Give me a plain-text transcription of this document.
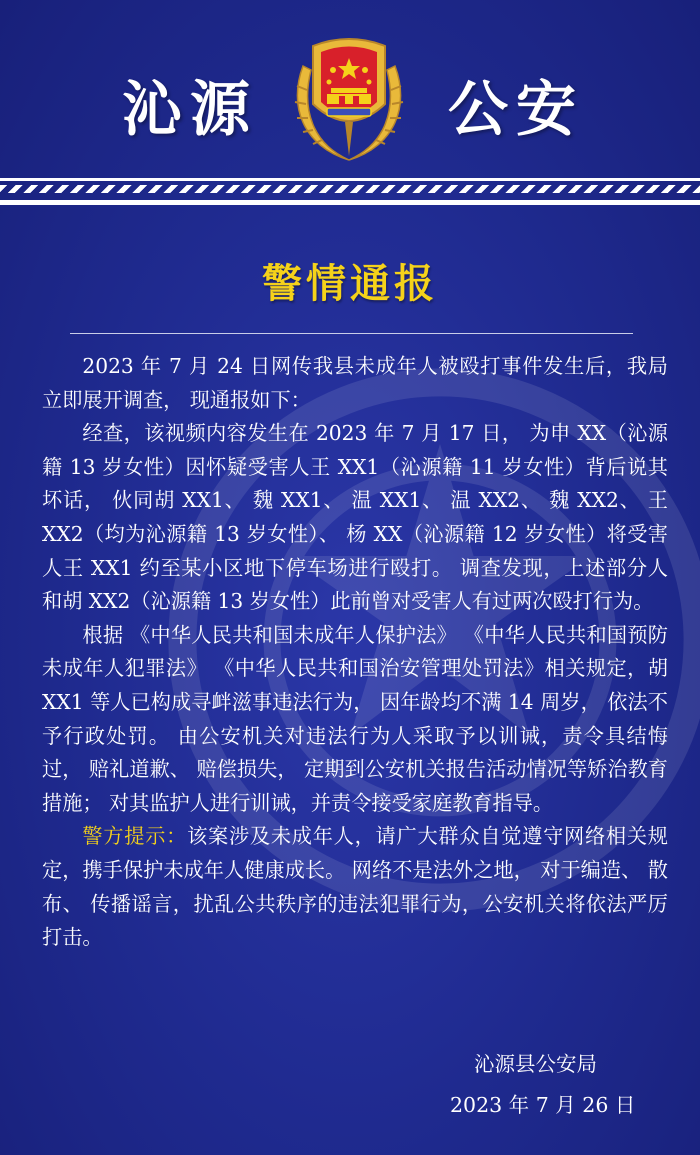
沁源	公安
警情通报

2023 年 7 月 24 日网传我县未成年人被殴打事件发生后，我局立即展开调查， 现通报如下：

经查，该视频内容发生在 2023 年 7 月 17 日， 为申 XX（沁源籍 13 岁女性）因怀疑受害人王 XX1（沁源籍 11 岁女性）背后说其坏话， 伙同胡 XX1、 魏 XX1、 温 XX1、 温 XX2、 魏 XX2、 王 XX2（均为沁源籍 13 岁女性）、 杨 XX（沁源籍 12 岁女性）将受害人王 XX1 约至某小区地下停车场进行殴打。 调查发现，上述部分人和胡 XX2（沁源籍 13 岁女性）此前曾对受害人有过两次殴打行为。

根据 《中华人民共和国未成年人保护法》 《中华人民共和国预防未成年人犯罪法》 《中华人民共和国治安管理处罚法》相关规定，胡 XX1 等人已构成寻衅滋事违法行为， 因年龄均不满 14 周岁， 依法不予行政处罚。 由公安机关对违法行为人采取予以训诫，责令具结悔过， 赔礼道歉、 赔偿损失， 定期到公安机关报告活动情况等矫治教育措施； 对其监护人进行训诫，并责令接受家庭教育指导。

警方提示：该案涉及未成年人，请广大群众自觉遵守网络相关规定，携手保护未成年人健康成长。 网络不是法外之地， 对于编造、 散布、 传播谣言，扰乱公共秩序的违法犯罪行为，公安机关将依法严厉打击。

沁源县公安局
2023 年 7 月 26 日
